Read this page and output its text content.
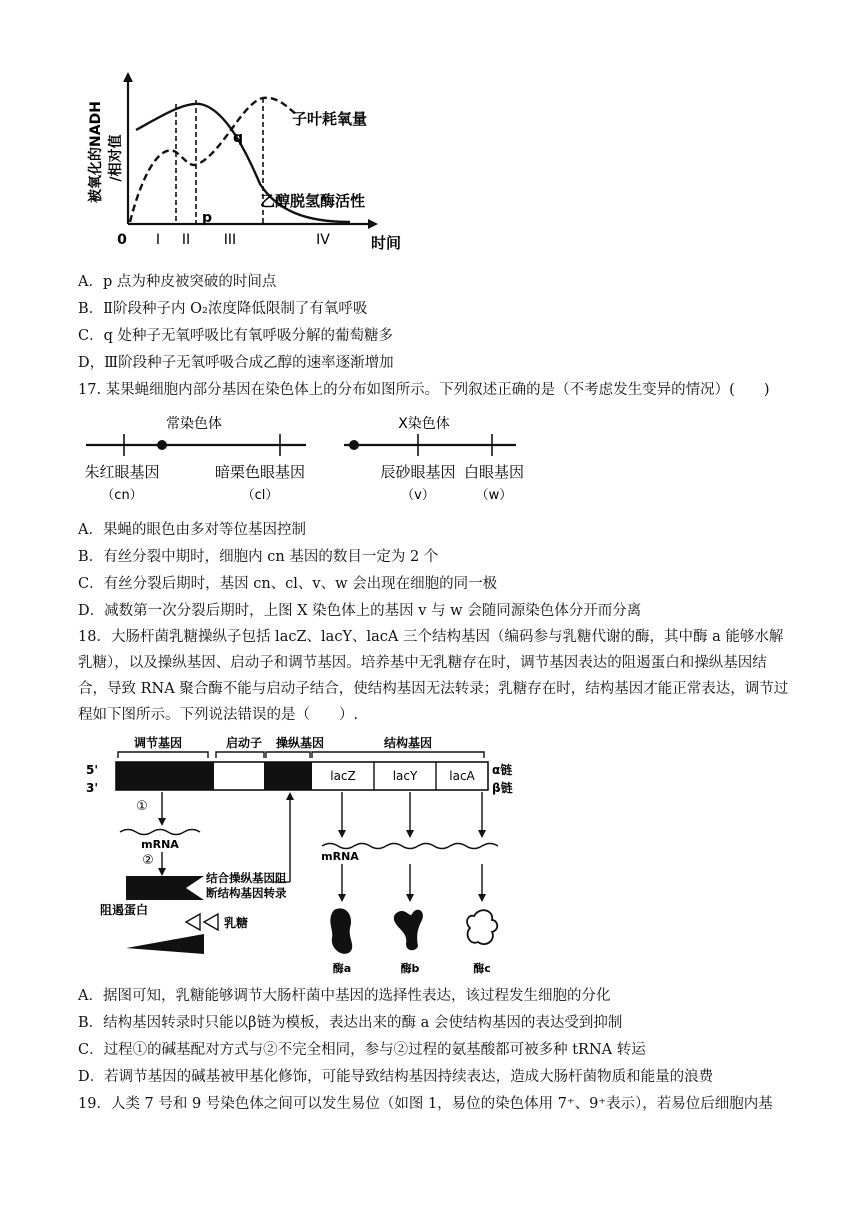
被氧化的NADH /相对值
0	时间
I II III	IV
子叶耗氧量
乙醇脱氢酶活性
q
p
A．p 点为种皮被突破的时间点
B．Ⅱ阶段种子内 O₂浓度降低限制了有氧呼吸
C．q 处种子无氧呼吸比有氧呼吸分解的葡萄糖多
D，Ⅲ阶段种子无氧呼吸合成乙醇的速率逐渐增加
17. 某果蝇细胞内部分基因在染色体上的分布如图所示。下列叙述正确的是（不考虑发生变异的情况）(　　)
常染色体
朱红眼基因
（cn）
暗栗色眼基因
（cl）
X染色体
辰砂眼基因
（v）
白眼基因
（w）
A．果蝇的眼色由多对等位基因控制
B．有丝分裂中期时，细胞内 cn 基因的数目一定为 2 个
C．有丝分裂后期时，基因 cn、cl、v、w 会出现在细胞的同一极
D．减数第一次分裂后期时，上图 X 染色体上的基因 v 与 w 会随同源染色体分开而分离
18．大肠杆菌乳糖操纵子包括 lacZ、lacY、lacA 三个结构基因（编码参与乳糖代谢的酶，其中酶 a 能够水解乳糖），以及操纵基因、启动子和调节基因。培养基中无乳糖存在时，调节基因表达的阻遏蛋白和操纵基因结合，导致 RNA 聚合酶不能与启动子结合，使结构基因无法转录；乳糖存在时，结构基因才能正常表达，调节过程如下图所示。下列说法错误的是（　　）.
调节基因	启动子 操纵基因	结构基因
5'
3'
lacZ	lacY	lacA α链
β链
①
mRNA
②
结合操纵基因阻
断结构基因转录
阻遏蛋白
乳糖
mRNA
酶a	酶b	酶c
A．据图可知，乳糖能够调节大肠杆菌中基因的选择性表达，该过程发生细胞的分化
B．结构基因转录时只能以β链为模板，表达出来的酶 a 会使结构基因的表达受到抑制
C．过程①的碱基配对方式与②不完全相同，参与②过程的氨基酸都可被多种 tRNA 转运
D．若调节基因的碱基被甲基化修饰，可能导致结构基因持续表达，造成大肠杆菌物质和能量的浪费
19．人类 7 号和 9 号染色体之间可以发生易位（如图 1，易位的染色体用 7⁺、9⁺表示），若易位后细胞内基
